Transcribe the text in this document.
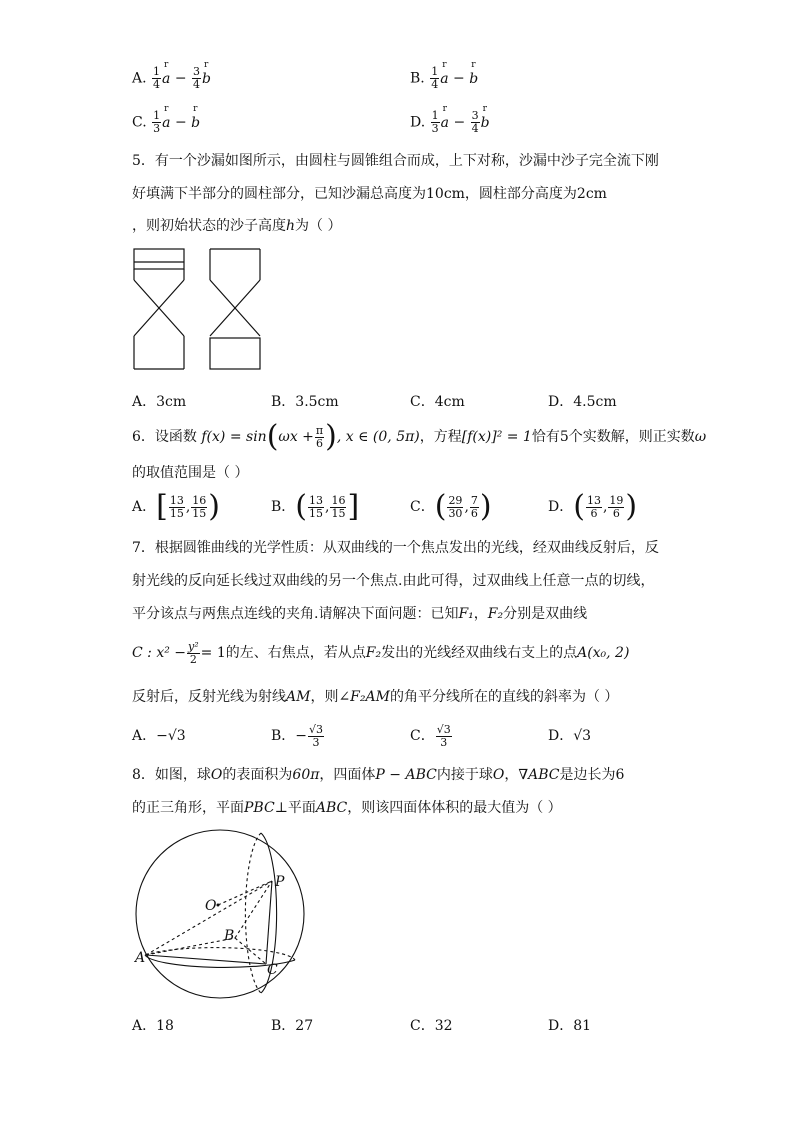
A. $\frac{1}{4}$ r $a - \frac{3}{4}$ r b	B. $\frac{1}{4}$ r a − r b
C. $\frac{1}{3}$ r a − r b	D. $\frac{1}{3}$ r $a - \frac{3}{4}$ r b
5．有一个沙漏如图所示，由圆柱与圆锥组合而成，上下对称，沙漏中沙子完全流下刚
好填满下半部分的圆柱部分，已知沙漏总高度为10cm，圆柱部分高度为2cm
，则初始状态的沙子高度h为（ ）
A．3cm	B．3.5cm	C．4cm	D．4.5cm
6．设函数 $f(x) = \sin(\omega x + \frac{\pi}{6}$ ), x ∈ (0, 5π)，方程[f(x)]² = 1恰有5个实数解，则正实数ω
的取值范围是（ ）
A．[ $\frac{13}{15}$ , $\frac{16}{15}$ )	B．( $\frac{13}{15}$ , $\frac{16}{15}$ ]	C．( $\frac{29}{30}$ , $\frac{7}{6}$ )	D．( $\frac{13}{6}$ , $\frac{19}{6}$ )
7．根据圆锥曲线的光学性质：从双曲线的一个焦点发出的光线，经双曲线反射后，反
射光线的反向延长线过双曲线的另一个焦点.由此可得，过双曲线上任意一点的切线，
平分该点与两焦点连线的夹角.请解决下面问题：已知F₁，F₂分别是双曲线
C : $x^2 - \frac{\text{y²}}{2} = 1$的左、右焦点，若从点F₂发出的光线经双曲线右支上的点A(x₀, 2)
反射后，反射光线为射线AM，则∠F₂AM的角平分线所在的直线的斜率为（ ）
A．−√3	B．− $\frac{√3}{3}$	C． $\frac{√3}{3}$	D．√3
8．如图，球O的表面积为60π，四面体P − ABC内接于球O，∇ABC是边长为6
的正三角形，平面PBC⊥平面ABC，则该四面体体积的最大值为（ ）
O
P
B
A
C
A．18	B．27	C．32	D．81
